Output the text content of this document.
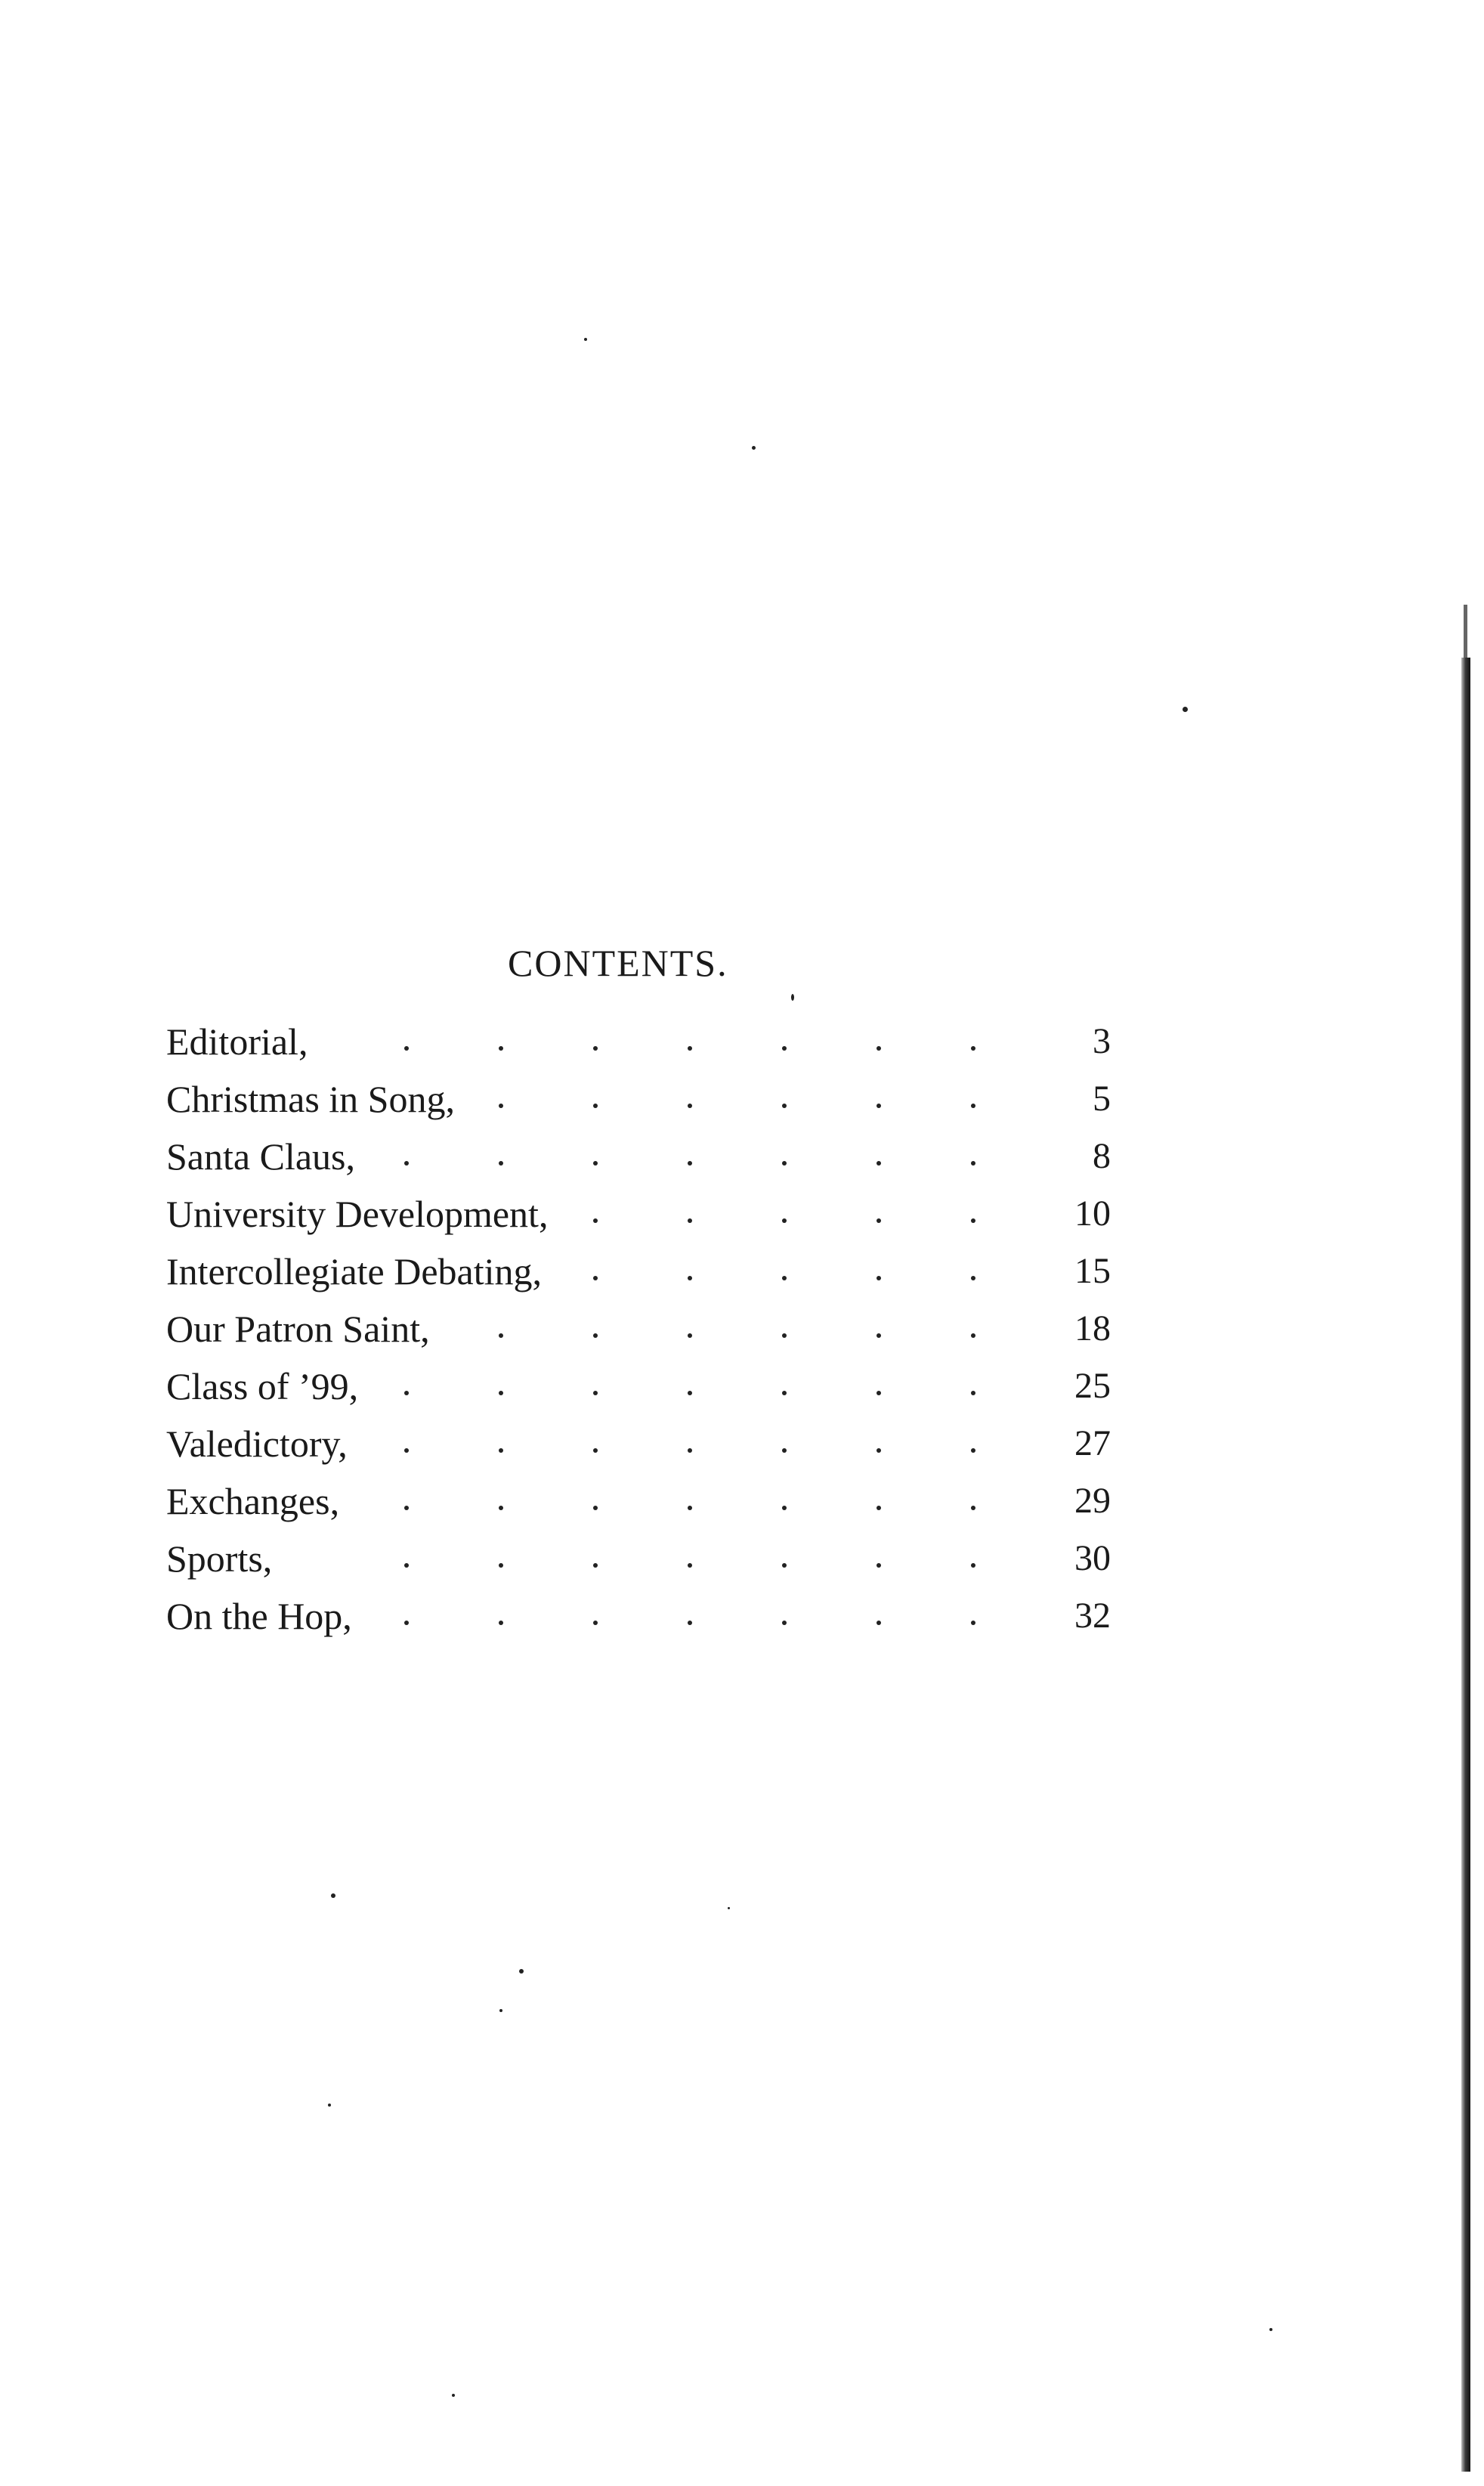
CONTENTS.
Editorial,	3
Christmas in Song,	5
Santa Claus,	8
University Development,	10
Intercollegiate Debating,	15
Our Patron Saint,	18
Class of ’99,	25
Valedictory,	27
Exchanges,	29
Sports,	30
On the Hop,	32
